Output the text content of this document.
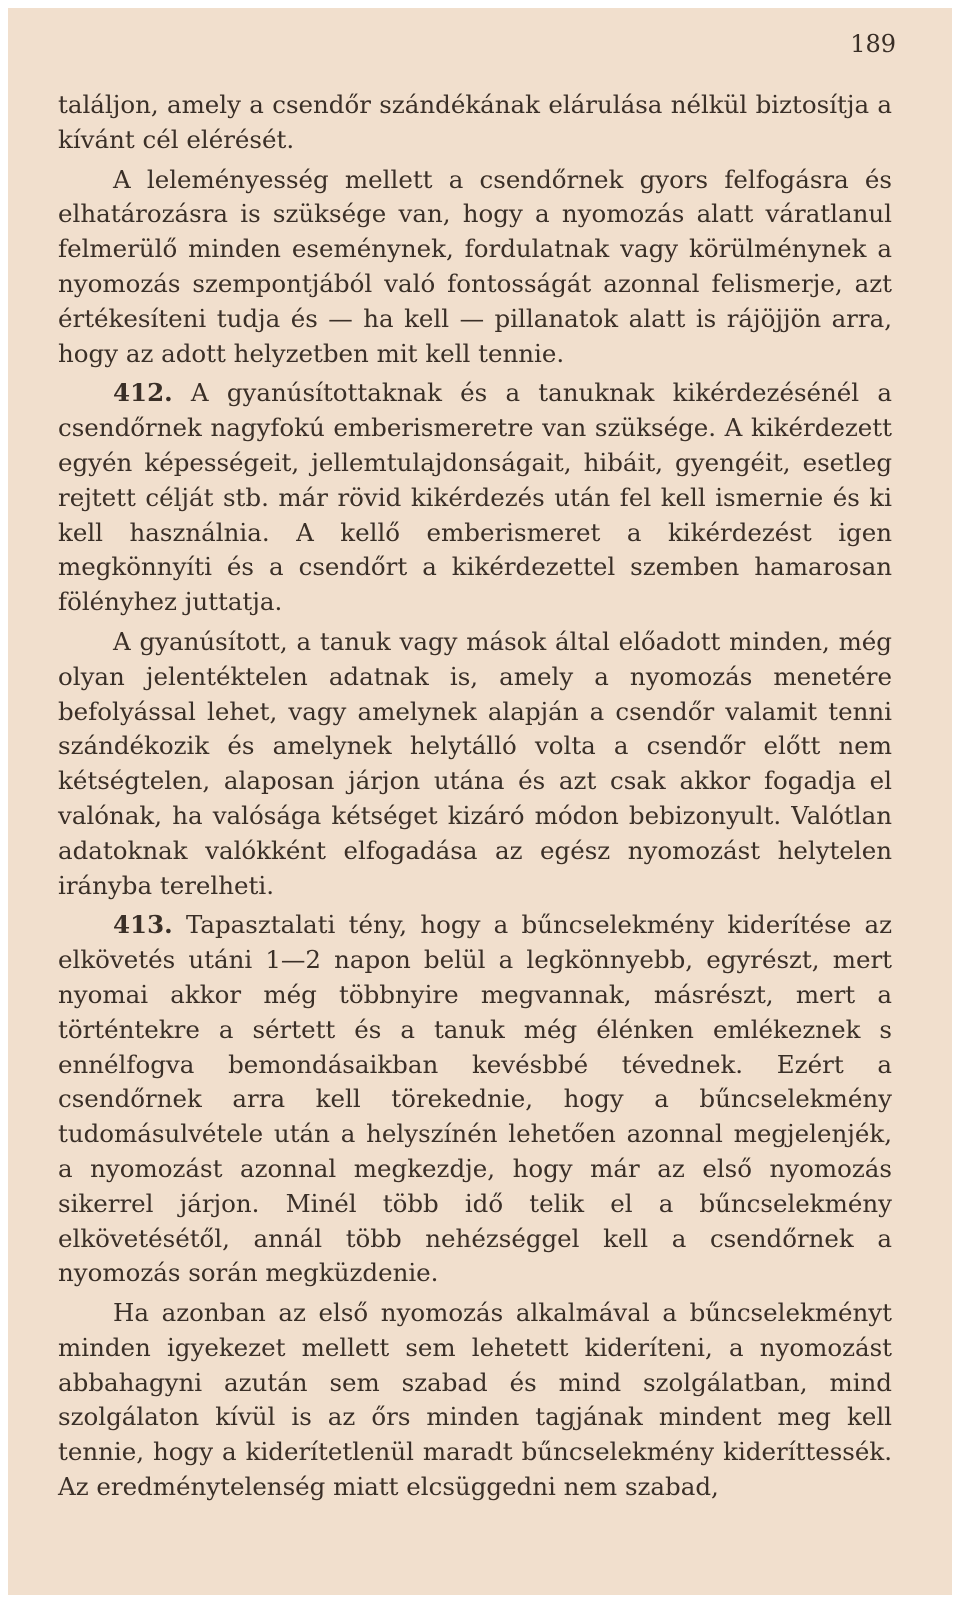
189

találjon, amely a csendőr szándékának elárulása nélkül biztosítja a kívánt cél elérését.

A leleményesség mellett a csendőrnek gyors felfogásra és elhatározásra is szüksége van, hogy a nyomozás alatt váratlanul felmerülő minden eseménynek, fordulatnak vagy körülménynek a nyomozás szempontjából való fontosságát azonnal felismerje, azt értékesíteni tudja és — ha kell — pillanatok alatt is rájöjjön arra, hogy az adott helyzetben mit kell tennie.

412. A gyanúsítottaknak és a tanuknak kikérdezésénél a csendőrnek nagyfokú emberismeretre van szüksége. A kikérdezett egyén képességeit, jellemtulajdonságait, hibáit, gyengéit, esetleg rejtett célját stb. már rövid kikérdezés után fel kell ismernie és ki kell használnia. A kellő emberismeret a kikérdezést igen megkönnyíti és a csendőrt a kikérdezettel szemben hamarosan fölényhez juttatja.

A gyanúsított, a tanuk vagy mások által előadott minden, még olyan jelentéktelen adatnak is, amely a nyomozás menetére befolyással lehet, vagy amelynek alapján a csendőr valamit tenni szándékozik és amelynek helytálló volta a csendőr előtt nem kétségtelen, alaposan járjon utána és azt csak akkor fogadja el valónak, ha valósága kétséget kizáró módon bebizonyult. Valótlan adatoknak valókként elfogadása az egész nyomozást helytelen irányba terelheti.

413. Tapasztalati tény, hogy a bűncselekmény kiderítése az elkövetés utáni 1—2 napon belül a legkönnyebb, egyrészt, mert nyomai akkor még többnyire megvannak, másrészt, mert a történtekre a sértett és a tanuk még élénken emlékeznek s ennélfogva bemondásaikban kevésbbé tévednek. Ezért a csendőrnek arra kell törekednie, hogy a bűncselekmény tudomásulvétele után a helyszínén lehetően azonnal megjelenjék, a nyomozást azonnal megkezdje, hogy már az első nyomozás sikerrel járjon. Minél több idő telik el a bűncselekmény elkövetésétől, annál több nehézséggel kell a csendőrnek a nyomozás során megküzdenie.

Ha azonban az első nyomozás alkalmával a bűncselekményt minden igyekezet mellett sem lehetett kideríteni, a nyomozást abbahagyni azután sem szabad és mind szolgálatban, mind szolgálaton kívül is az őrs minden tagjának mindent meg kell tennie, hogy a kiderítetlenül maradt bűncselekmény kideríttessék. Az eredménytelenség miatt elcsüggedni nem szabad,
